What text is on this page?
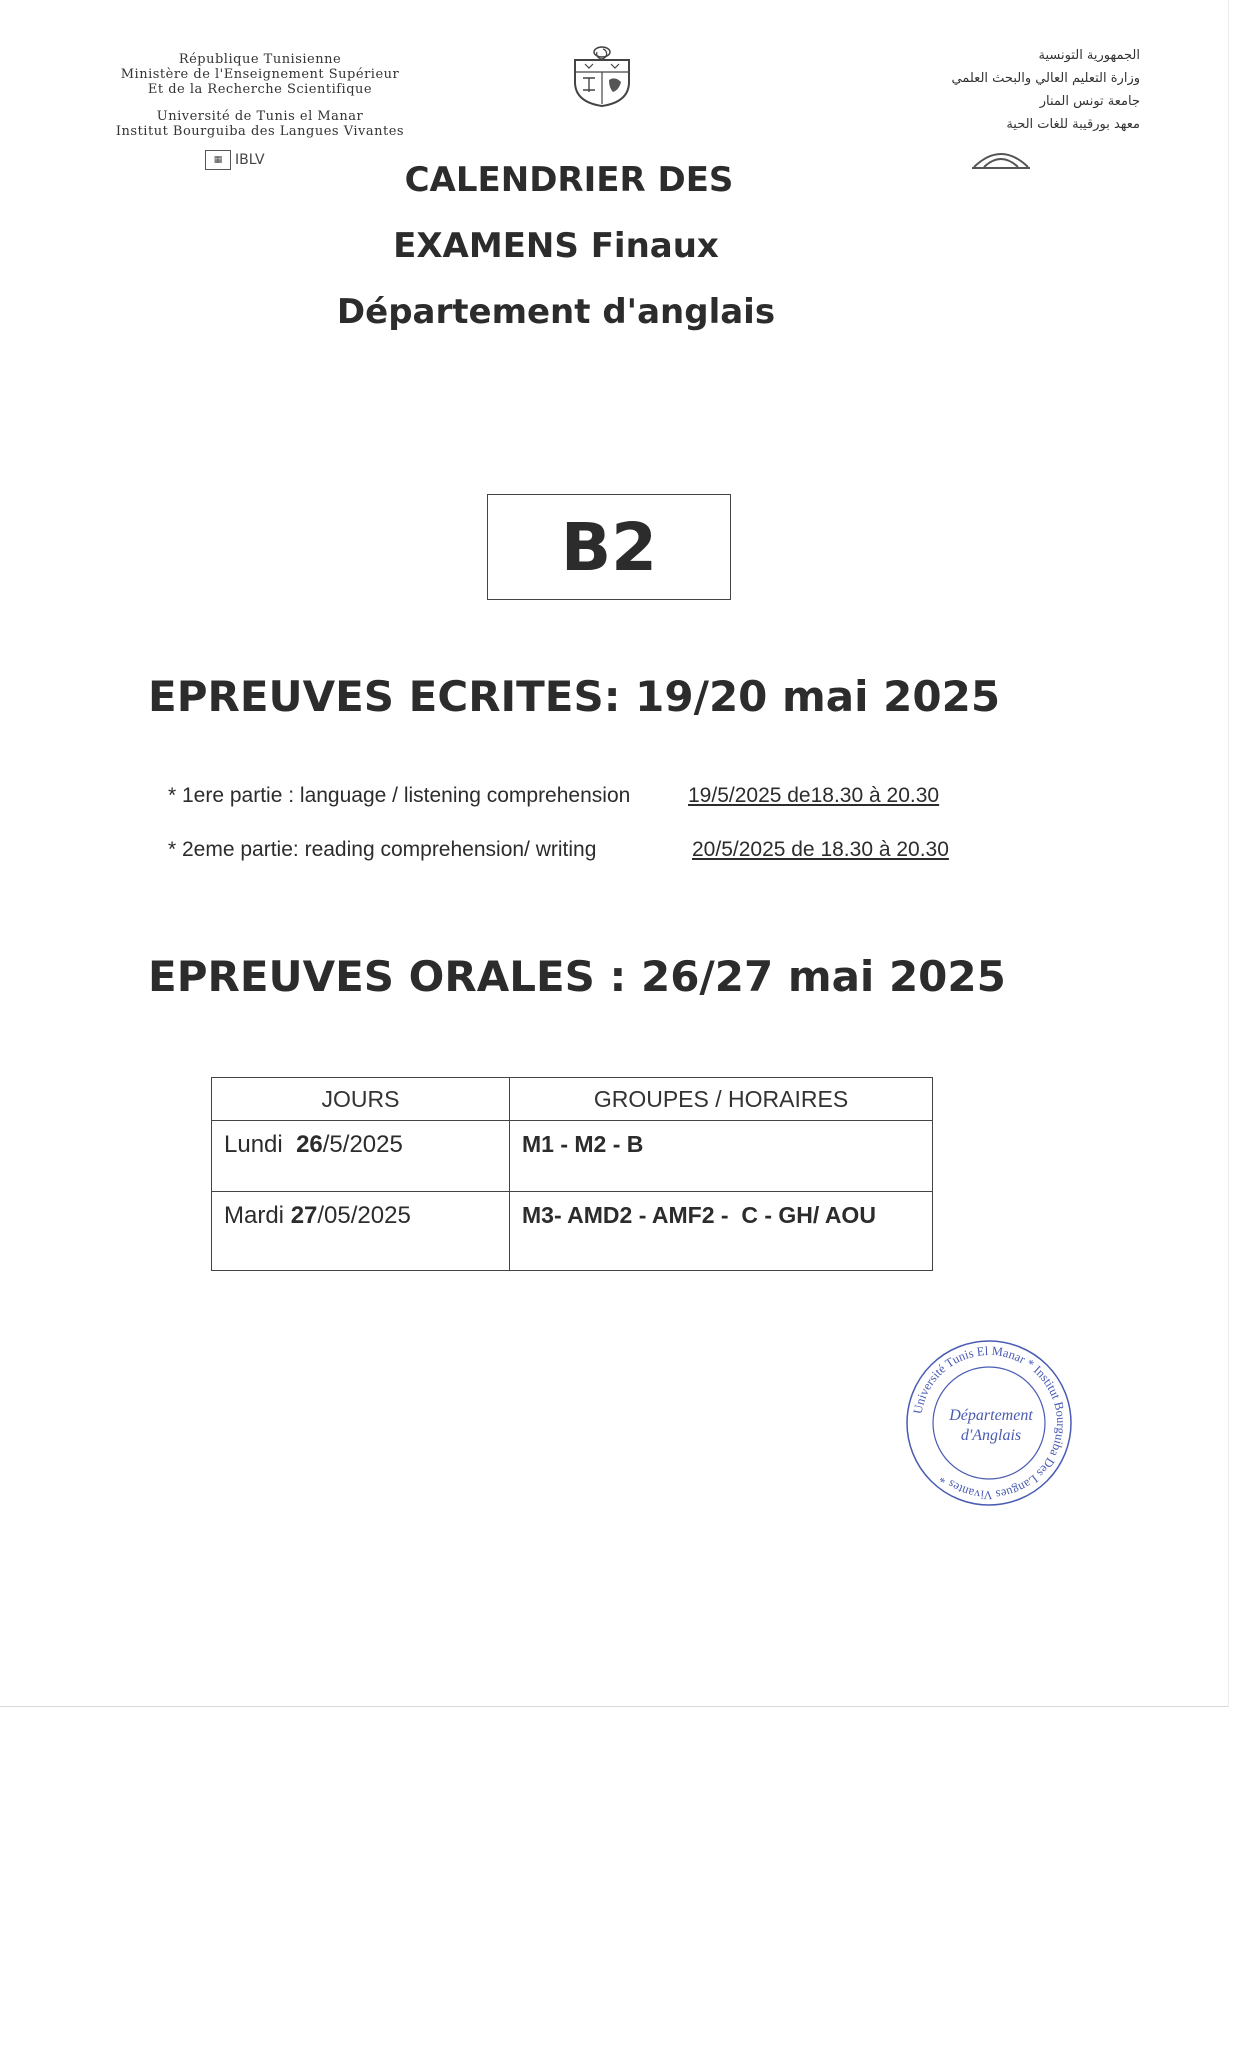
République Tunisienne
Ministère de l'Enseignement Supérieur
Et de la Recherche Scientifique
Université de Tunis el Manar
Institut Bourguiba des Langues Vivantes
▦ IBLV
الجمهورية التونسية
وزارة التعليم العالي والبحث العلمي
جامعة تونس المنار
معهد بورقيبة للغات الحية
CALENDRIER DES
EXAMENS Finaux
Département d'anglais
B2
EPREUVES ECRITES: 19/20 mai 2025
* 1ere partie : language / listening comprehension	19/5/2025 de18.30 à 20.30
* 2eme partie: reading comprehension/ writing	20/5/2025 de 18.30 à 20.30
EPREUVES ORALES : 26/27 mai 2025
JOURS	GROUPES / HORAIRES
Lundi  26/5/2025	M1 - M2 - B
Mardi 27/05/2025	M3- AMD2 - AMF2 -  C - GH/ AOU
Université Tunis El Manar * Institut Bourguiba Des Langues Vivantes *
Département
d'Anglais
